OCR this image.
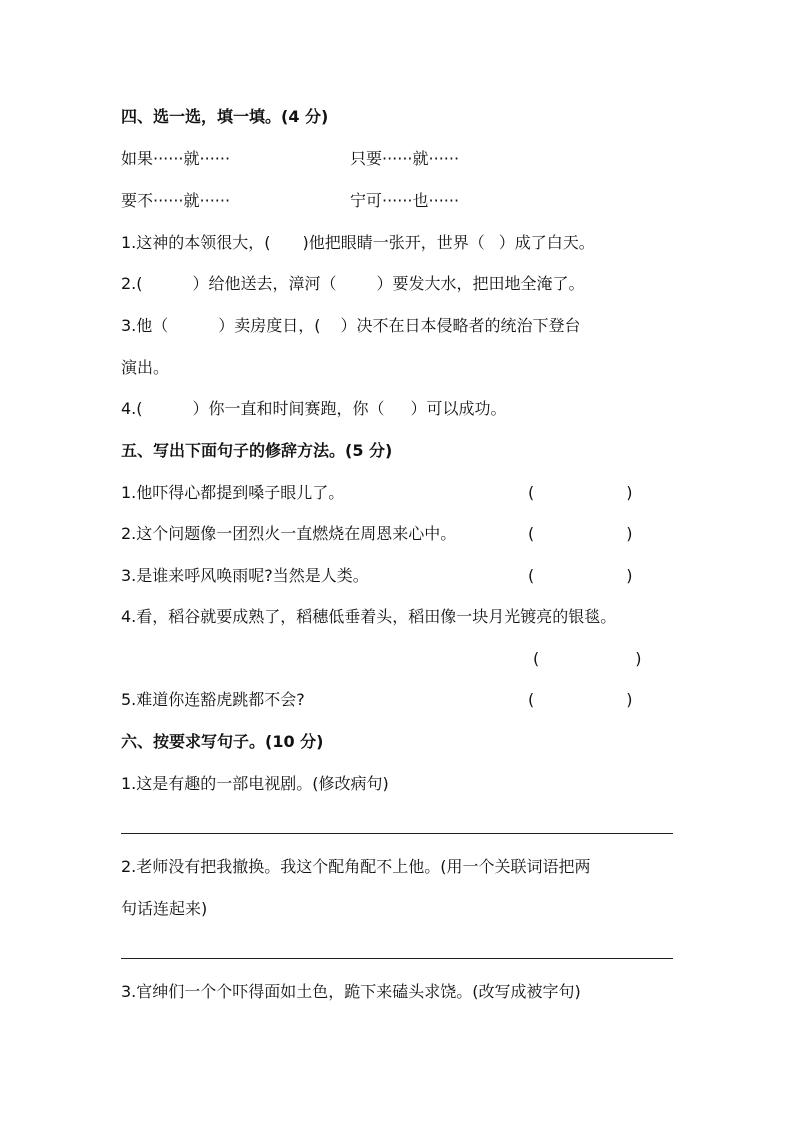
四、选一选，填一填。(4 分)
如果······就······	只要······就······
要不······就······	宁可······也······
1.这神的本领很大，( )他把眼睛一张开，世界（ ）成了白天。
2.(	）给他送去，漳河（	）要发大水，把田地全淹了。
3.他（	）卖房度日，( ）决不在日本侵略者的统治下登台
演出。
4.(	）你一直和时间赛跑，你（ ）可以成功。
五、写出下面句子的修辞方法。(5 分)
1.他吓得心都提到嗓子眼儿了。	(	)
2.这个问题像一团烈火一直燃烧在周恩来心中。	(	)
3.是谁来呼风唤雨呢?当然是人类。	(	)
4.看，稻谷就要成熟了，稻穗低垂着头，稻田像一块月光镀亮的银毯。
(	)
5.难道你连豁虎跳都不会?	(	)
六、按要求写句子。(10 分)
1.这是有趣的一部电视剧。(修改病句)
2.老师没有把我撤换。我这个配角配不上他。(用一个关联词语把两
句话连起来)
3.官绅们一个个吓得面如土色，跪下来磕头求饶。(改写成被字句)
